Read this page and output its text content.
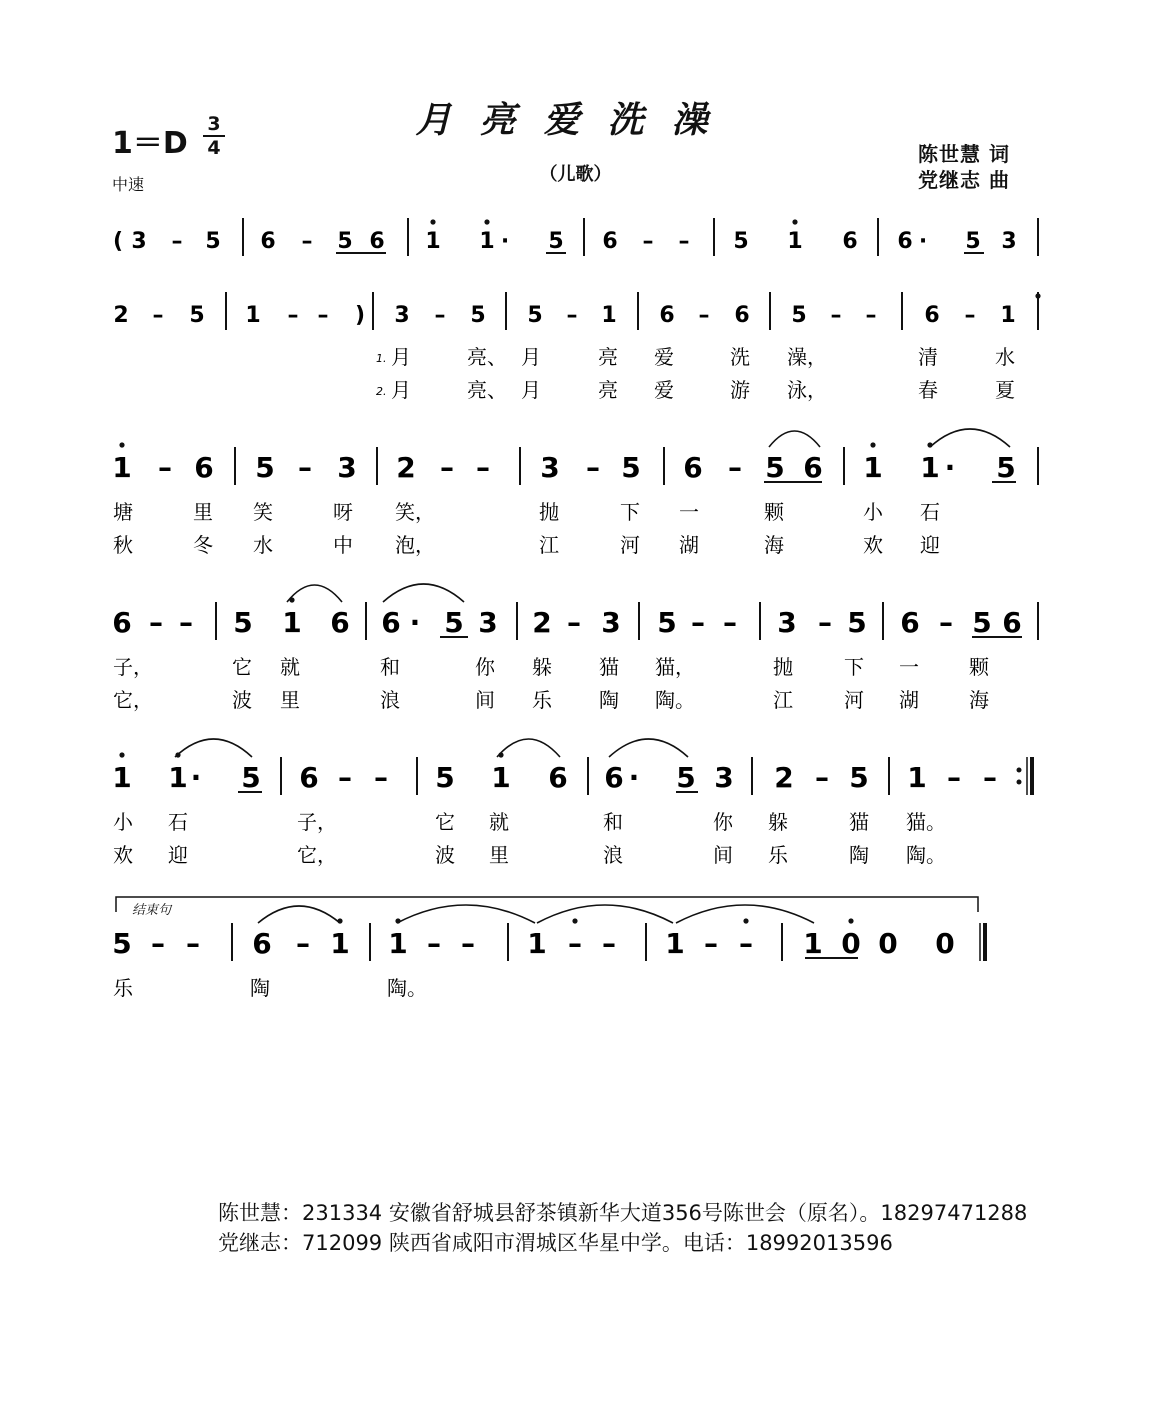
月亮爱洗澡
（儿歌）
1＝D
3
4
中速
陈世慧 词
党继志 曲
( 3 – 5 6 – 5 6 1 1 · 5 6 – – 5 1 6 6 · 5 3
2 – 5 1 – – ) 3 – 5 5 – 1 6 – 6 5 – – 6 – 1
1.
2.
月	亮、 月	亮 爱	洗 澡，	清	水
月	亮、 月	亮 爱	游 泳，	春	夏
1 – 6 5 – 3 2 – – 3 – 5 6 – 5 6 1 1 · 5
塘	里 笑	呀 笑，	抛	下 一	颗	小 石
秋	冬 水	中 泡，	江	河 湖	海	欢 迎
6 – – 5 1 6 6 · 5 3 2 – 3 5 – – 3 – 5 6 – 5 6
子，	它 就	和	你 躲 猫 猫，	抛	下 一	颗
它，	波 里	浪	间 乐 陶 陶。	江	河 湖	海
1 1 · 5 6 – – 5 1 6 6 · 5 3 2 – 5 1 – –
小 石	子，	它 就	和	你 躲	猫 猫。
欢 迎	它，	波 里	浪	间 乐	陶 陶。
5 – – 6 – 1 1 – – 1 – – 1 – – 1 0 0 0
乐	陶	陶。
结束句
陈世慧：231334 安徽省舒城县舒茶镇新华大道356号陈世会（原名）。18297471288
党继志：712099 陕西省咸阳市渭城区华星中学。电话：18992013596
